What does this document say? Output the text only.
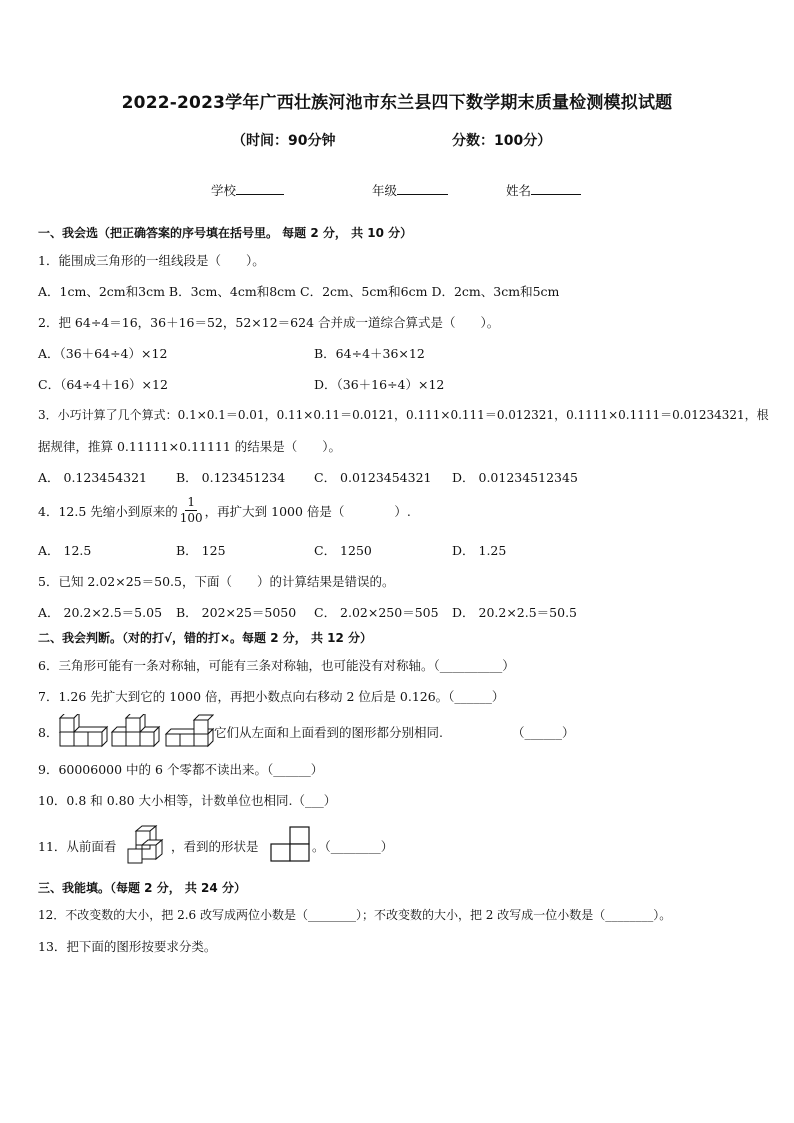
2022-2023学年广西壮族河池市东兰县四下数学期末质量检测模拟试题
（时间：90分钟	分数：100分）
学校	年级	姓名
一、我会选（把正确答案的序号填在括号里。 每题 2 分， 共 10 分）
1．能围成三角形的一组线段是（　　）。
A．1cm、2cm和3cm B．3cm、4cm和8cm C．2cm、5cm和6cm D．2cm、3cm和5cm
2．把 64÷4＝16，36＋16＝52，52×12＝624 合并成一道综合算式是（　　）。
A．（36＋64÷4）×12	B．64÷4＋36×12
C．（64÷4＋16）×12	D．（36＋16÷4）×12
3．小巧计算了几个算式：0.1×0.1＝0.01，0.11×0.11＝0.0121，0.111×0.111＝0.012321，0.1111×0.1111＝0.01234321，根
据规律，推算 0.11111×0.11111 的结果是（　　）。
A． 0.123454321 B． 0.123451234 C． 0.0123454321 D． 0.01234512345
4．12.5 先缩小到原来的 $\frac{1}{100}$ ，再扩大到 1000 倍是（　　　　）.
A． 12.5	B． 125	C． 1250	D． 1.25
5．已知 2.02×25＝50.5，下面（　　）的计算结果是错误的。
A． 20.2×2.5＝5.05 B． 202×25＝5050 C． 2.02×250＝505 D． 20.2×2.5＝50.5
二、我会判断。（对的打√，错的打×。每题 2 分， 共 12 分）
6．三角形可能有一条对称轴，可能有三条对称轴，也可能没有对称轴。（__________）
7．1.26 先扩大到它的 1000 倍，再把小数点向右移动 2 位后是 0.126。（______）
8．	它们从左面和上面看到的图形都分别相同.	（______）
9．60006000 中的 6 个零都不读出来。（______）
10．0.8 和 0.80 大小相等，计数单位也相同.（___）
11．从前面看	，看到的形状是	。（________）
三、我能填。（每题 2 分， 共 24 分）
12．不改变数的大小，把 2.6 改写成两位小数是（________）；不改变数的大小，把 2 改写成一位小数是（________）。
13．把下面的图形按要求分类。
